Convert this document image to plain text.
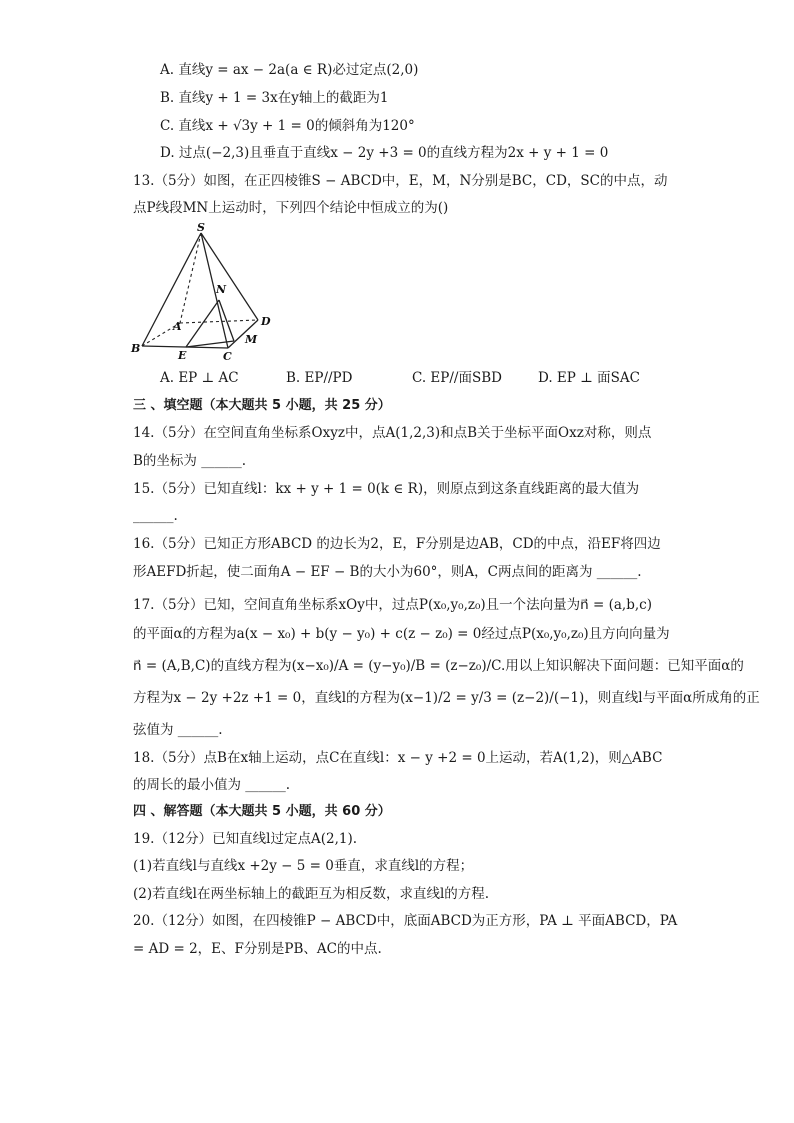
A. 直线y = ax − 2a(a ∈ R)必过定点(2,0)
B. 直线y + 1 = 3x在y轴上的截距为1
C. 直线x + √3y + 1 = 0的倾斜角为120°
D. 过点(−2,3)且垂直于直线x − 2y +3 = 0的直线方程为2x + y + 1 = 0
13.（5分）如图，在正四棱锥S − ABCD中，E，M，N分别是BC，CD，SC的中点，动
点P线段MN上运动时，下列四个结论中恒成立的为()
S
N
A	D
B
M
E	C
A. EP ⊥ AC	B. EP//PD	C. EP//面SBD	D. EP ⊥ 面SAC
三 、填空题（本大题共 5 小题，共 25 分）
14.（5分）在空间直角坐标系Oxyz中，点A(1,2,3)和点B关于坐标平面Oxz对称，则点
B的坐标为 ______.
15.（5分）已知直线l：kx + y + 1 = 0(k ∈ R)，则原点到这条直线距离的最大值为
______.
16.（5分）已知正方形ABCD 的边长为2，E，F分别是边AB，CD的中点，沿EF将四边
形AEFD折起，使二面角A − EF − B的大小为60°，则A，C两点间的距离为 ______.
17.（5分）已知，空间直角坐标系xOy中，过点P(x₀,y₀,z₀)且一个法向量为n⃗ = (a,b,c)
的平面α的方程为a(x − x₀) + b(y − y₀) + c(z − z₀) = 0经过点P(x₀,y₀,z₀)且方向向量为
n⃗ = (A,B,C)的直线方程为(x−x₀)/A = (y−y₀)/B = (z−z₀)/C.用以上知识解决下面问题：已知平面α的
方程为x − 2y +2z +1 = 0，直线l的方程为(x−1)/2 = y/3 = (z−2)/(−1)，则直线l与平面α所成角的正
弦值为 ______.
18.（5分）点B在x轴上运动，点C在直线l：x − y +2 = 0上运动，若A(1,2)，则△ABC
的周长的最小值为 ______.
四 、解答题（本大题共 5 小题，共 60 分）
19.（12分）已知直线l过定点A(2,1).
(1)若直线l与直线x +2y − 5 = 0垂直，求直线l的方程；
(2)若直线l在两坐标轴上的截距互为相反数，求直线l的方程.
20.（12分）如图，在四棱锥P − ABCD中，底面ABCD为正方形，PA ⊥ 平面ABCD，PA
= AD = 2，E、F分别是PB、AC的中点.
